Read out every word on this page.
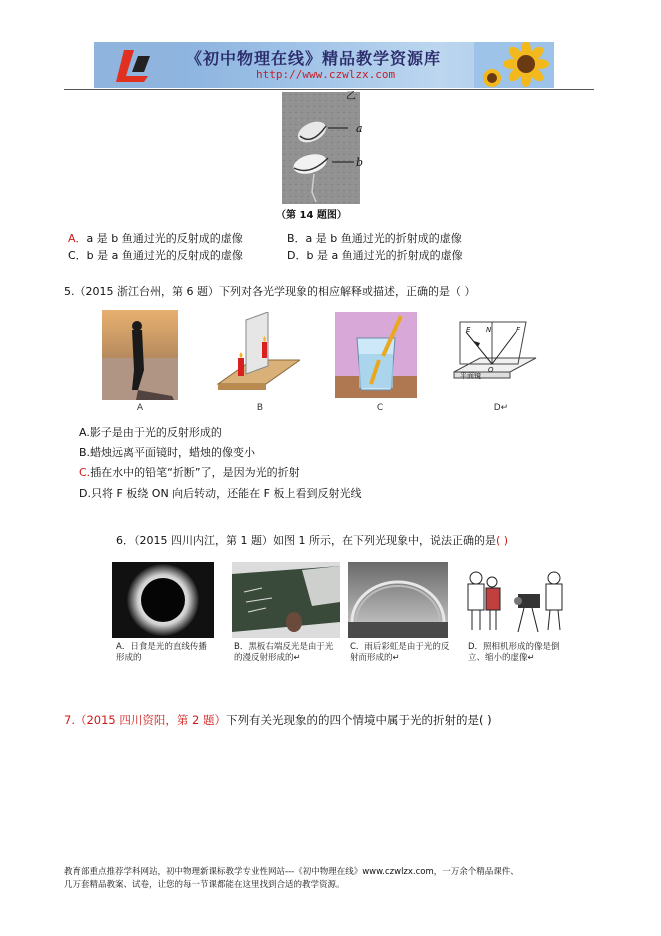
《初中物理在线》精品教学资源库
http://www.czwlzx.com
乙
a
b
（第 14 题图）
A．a 是 b 鱼通过光的反射成的虚像	B．a 是 b 鱼通过光的折射成的虚像
C．b 是 a 鱼通过光的反射成的虚像	D．b 是 a 鱼通过光的折射成的虚像
5.（2015 浙江台州，第 6 题）下列对各光学现象的相应解释或描述，正确的是（ ）
A	B	C
E N	F
O
平面镜
D↵
A.影子是由于光的反射形成的
B.蜡烛远离平面镜时，蜡烛的像变小
C.插在水中的铅笔“折断”了，是因为光的折射
D.只将 F 板绕 ON 向后转动，还能在 F 板上看到反射光线
6．（2015 四川内江，第 1 题）如图 1 所示，在下列光现象中，说法正确的是( )
A．日食是光的直线传播形成的
B．黑板右端反光是由于光的漫反射形成的↵
C．雨后彩虹是由于光的反射而形成的↵
D．照相机形成的像是倒立、缩小的虚像↵
7.（2015 四川资阳，第 2 题）下列有关光现象的的四个情境中属于光的折射的是( )
教育部重点推荐学科网站，初中物理新课标教学专业性网站---《初中物理在线》www.czwlzx.com，一万余个精品课件、
几万套精品教案、试卷，让您的每一节课都能在这里找到合适的教学资源。
